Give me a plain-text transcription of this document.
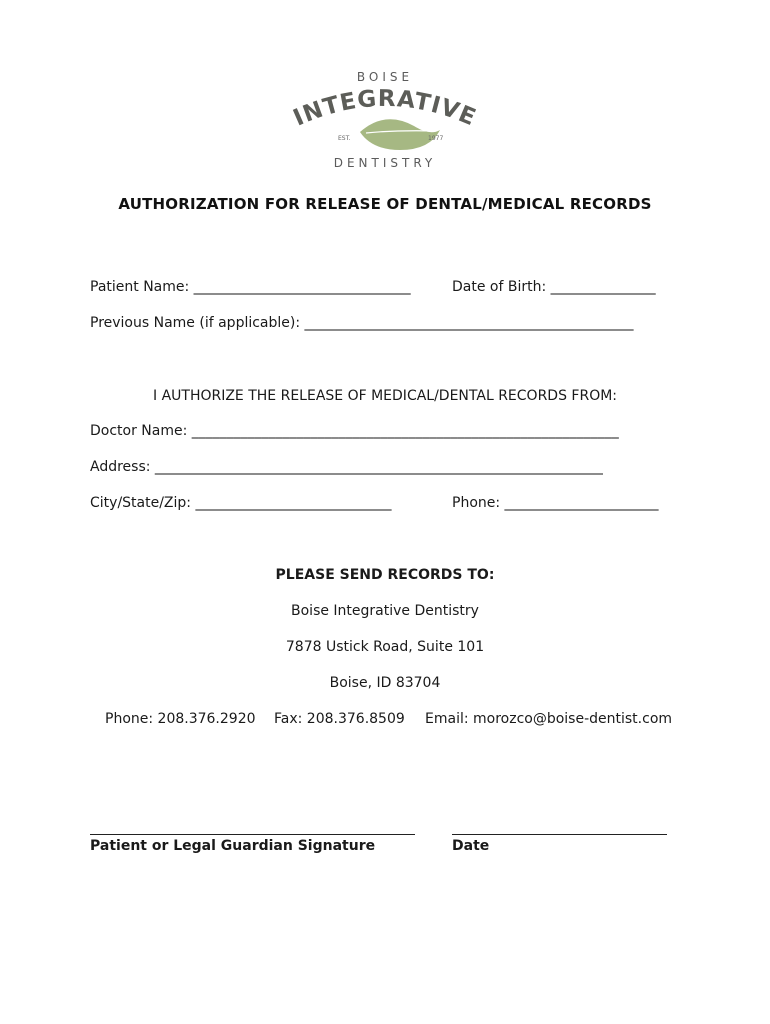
BOISE
INTEGRATIVE
EST.	1977
DENTISTRY
AUTHORIZATION FOR RELEASE OF DENTAL/MEDICAL RECORDS
Patient Name: _______________________________	Date of Birth: _______________
Previous Name (if applicable): _______________________________________________
I AUTHORIZE THE RELEASE OF MEDICAL/DENTAL RECORDS FROM:
Doctor Name: _____________________________________________________________
Address: ________________________________________________________________
City/State/Zip: ____________________________	Phone: ______________________
PLEASE SEND RECORDS TO:
Boise Integrative Dentistry
7878 Ustick Road, Suite 101
Boise, ID 83704
Phone: 208.376.2920 Fax: 208.376.8509 Email: morozco@boise-dentist.com
Patient or Legal Guardian Signature	Date
